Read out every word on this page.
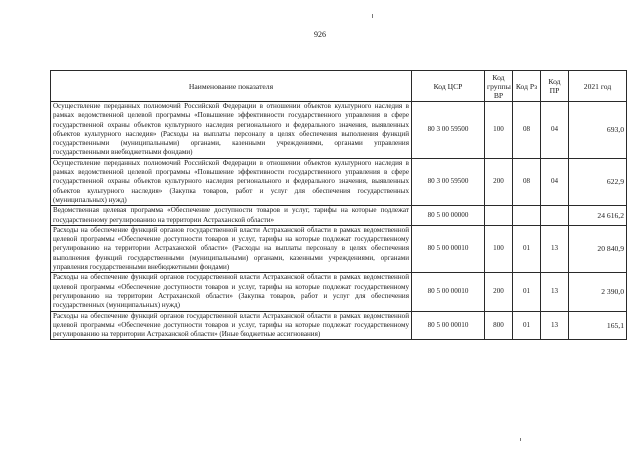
926
Наименование показателя	Код ЦСР	Код группы ВР	Код Рз	Код ПР	2021 год
Осуществление переданных полномочий Российской Федерации в отношении объектов культурного наследия в рамках ведомственной целевой программы «Повышение эффективности государственного управления в сфере государственной охраны объектов культурного наследия регионального и федерального значения, выявленных объектов культурного наследия» (Расходы на выплаты персоналу в целях обеспечения выполнения функций государственными (муниципальными) органами, казенными учреждениями, органами управления государственными внебюджетными фондами)	80 3 00 59500	100	08	04	693,0
Осуществление переданных полномочий Российской Федерации в отношении объектов культурного наследия в рамках ведомственной целевой программы «Повышение эффективности государственного управления в сфере государственной охраны объектов культурного наследия регионального и федерального значения, выявленных объектов культурного наследия» (Закупка товаров, работ и услуг для обеспечения государственных (муниципальных) нужд)	80 3 00 59500	200	08	04	622,9
Ведомственная целевая программа «Обеспечение доступности товаров и услуг, тарифы на которые подлежат государственному регулированию на территории Астраханской области»	80 5 00 00000				24 616,2
Расходы на обеспечение функций органов государственной власти Астраханской области в рамках ведомственной целевой программы «Обеспечение доступности товаров и услуг, тарифы на которые подлежат государственному регулированию на территории Астраханской области» (Расходы на выплаты персоналу в целях обеспечения выполнения функций государственными (муниципальными) органами, казенными учреждениями, органами управления государственными внебюджетными фондами)	80 5 00 00010	100	01	13	20 840,9
Расходы на обеспечение функций органов государственной власти Астраханской области в рамках ведомственной целевой программы «Обеспечение доступности товаров и услуг, тарифы на которые подлежат государственному регулированию на территории Астраханской области» (Закупка товаров, работ и услуг для обеспечения государственных (муниципальных) нужд)	80 5 00 00010	200	01	13	2 390,0
Расходы на обеспечение функций органов государственной власти Астраханской области в рамках ведомственной целевой программы «Обеспечение доступности товаров и услуг, тарифы на которые подлежат государственному регулированию на территории Астраханской области» (Иные бюджетные ассигнования)	80 5 00 00010	800	01	13	165,1
